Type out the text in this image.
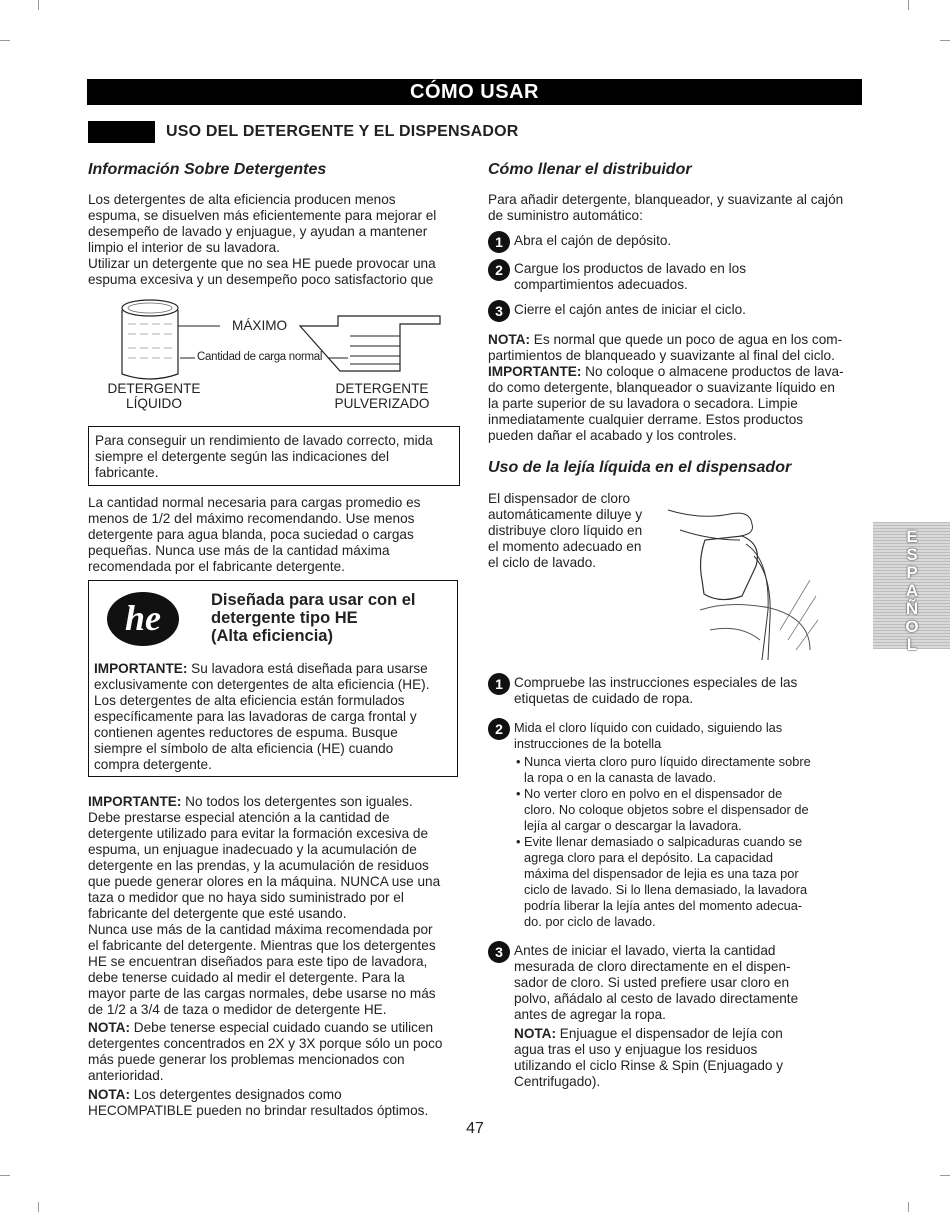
CÓMO USAR
USO DEL DETERGENTE Y EL DISPENSADOR
Información Sobre Detergentes

Los detergentes de alta eficiencia producen menos

espuma, se disuelven más eficientemente para mejorar el

desempeño de lavado y enjuague, y ayudan a mantener

limpio el interior de su lavadora.

Utilizar un detergente que no sea HE puede provocar una

espuma excesiva y un desempeño poco satisfactorio que

MÁXIMO
Cantidad de carga normal
DETERGENTE
LÍQUIDO
DETERGENTE
PULVERIZADO

Para conseguir un rendimiento de lavado correcto, mida

siempre el detergente según las indicaciones del

fabricante.

La cantidad normal necesaria para cargas promedio es

menos de 1/2 del máximo recomendando. Use menos

detergente para agua blanda, poca suciedad o cargas

pequeñas. Nunca use más de la cantidad máxima

recomendada por el fabricante detergente.

he	Diseñada para usar con el
detergente tipo HE
(Alta eficiencia)

IMPORTANTE: Su lavadora está diseñada para usarse

exclusivamente con detergentes de alta eficiencia (HE).

Los detergentes de alta eficiencia están formulados

específicamente para las lavadoras de carga frontal y

contienen agentes reductores de espuma. Busque

siempre el símbolo de alta eficiencia (HE) cuando

compra detergente.

IMPORTANTE: No todos los detergentes son iguales.

Debe prestarse especial atención a la cantidad de

detergente utilizado para evitar la formación excesiva de

espuma, un enjuague inadecuado y la acumulación de

detergente en las prendas, y la acumulación de residuos

que puede generar olores en la máquina. NUNCA use una

taza o medidor que no haya sido suministrado por el

fabricante del detergente que esté usando.

Nunca use más de la cantidad máxima recomendada por

el fabricante del detergente. Mientras que los detergentes

HE se encuentran diseñados para este tipo de lavadora,

debe tenerse cuidado al medir el detergente. Para la

mayor parte de las cargas normales, debe usarse no más

de 1/2 a 3/4 de taza o medidor de detergente HE.

NOTA: Debe tenerse especial cuidado cuando se utilicen

detergentes concentrados en 2X y 3X porque sólo un poco

más puede generar los problemas mencionados con

anterioridad.

NOTA: Los detergentes designados como

HECOMPATIBLE pueden no brindar resultados óptimos.

Cómo llenar el distribuidor

Para añadir detergente, blanqueador, y suavizante al cajón

de suministro automático:

1 Abra el cajón de depósito.
2 Cargue los productos de lavado en los
compartimientos adecuados.
3 Cierre el cajón antes de iniciar el ciclo.

NOTA: Es normal que quede un poco de agua en los com-

partimientos de blanqueado y suavizante al final del ciclo.

IMPORTANTE: No coloque o almacene productos de lava-

do como detergente, blanqueador o suavizante líquido en

la parte superior de su lavadora o secadora. Limpie

inmediatamente cualquier derrame. Estos productos

pueden dañar el acabado y los controles.

Uso de la lejía líquida en el dispensador

El dispensador de cloro

automáticamente diluye y

distribuye cloro líquido en

el momento adecuado en

el ciclo de lavado.

1 Compruebe las instrucciones especiales de las
etiquetas de cuidado de ropa.
2 Mida el cloro líquido con cuidado, siguiendo las
instrucciones de la botella

• Nunca vierta cloro puro líquido directamente sobre

la ropa o en la canasta de lavado.

• No verter cloro en polvo en el dispensador de

cloro. No coloque objetos sobre el dispensador de

lejía al cargar o descargar la lavadora.

• Evite llenar demasiado o salpicaduras cuando se

agrega cloro para el depósito. La capacidad

máxima del dispensador de lejia es una taza por

ciclo de lavado. Si lo llena demasiado, la lavadora

podría liberar la lejía antes del momento adecua-

do. por ciclo de lavado.

3 Antes de iniciar el lavado, vierta la cantidad
mesurada de cloro directamente en el dispen-
sador de cloro. Si usted prefiere usar cloro en
polvo, añádalo al cesto de lavado directamente
antes de agregar la ropa.
NOTA: Enjuague el dispensador de lejía con
agua tras el uso y enjuague los residuos
utilizando el ciclo Rinse & Spin (Enjuagado y
Centrifugado).
E
S
P
A
Ñ
O
L
47
